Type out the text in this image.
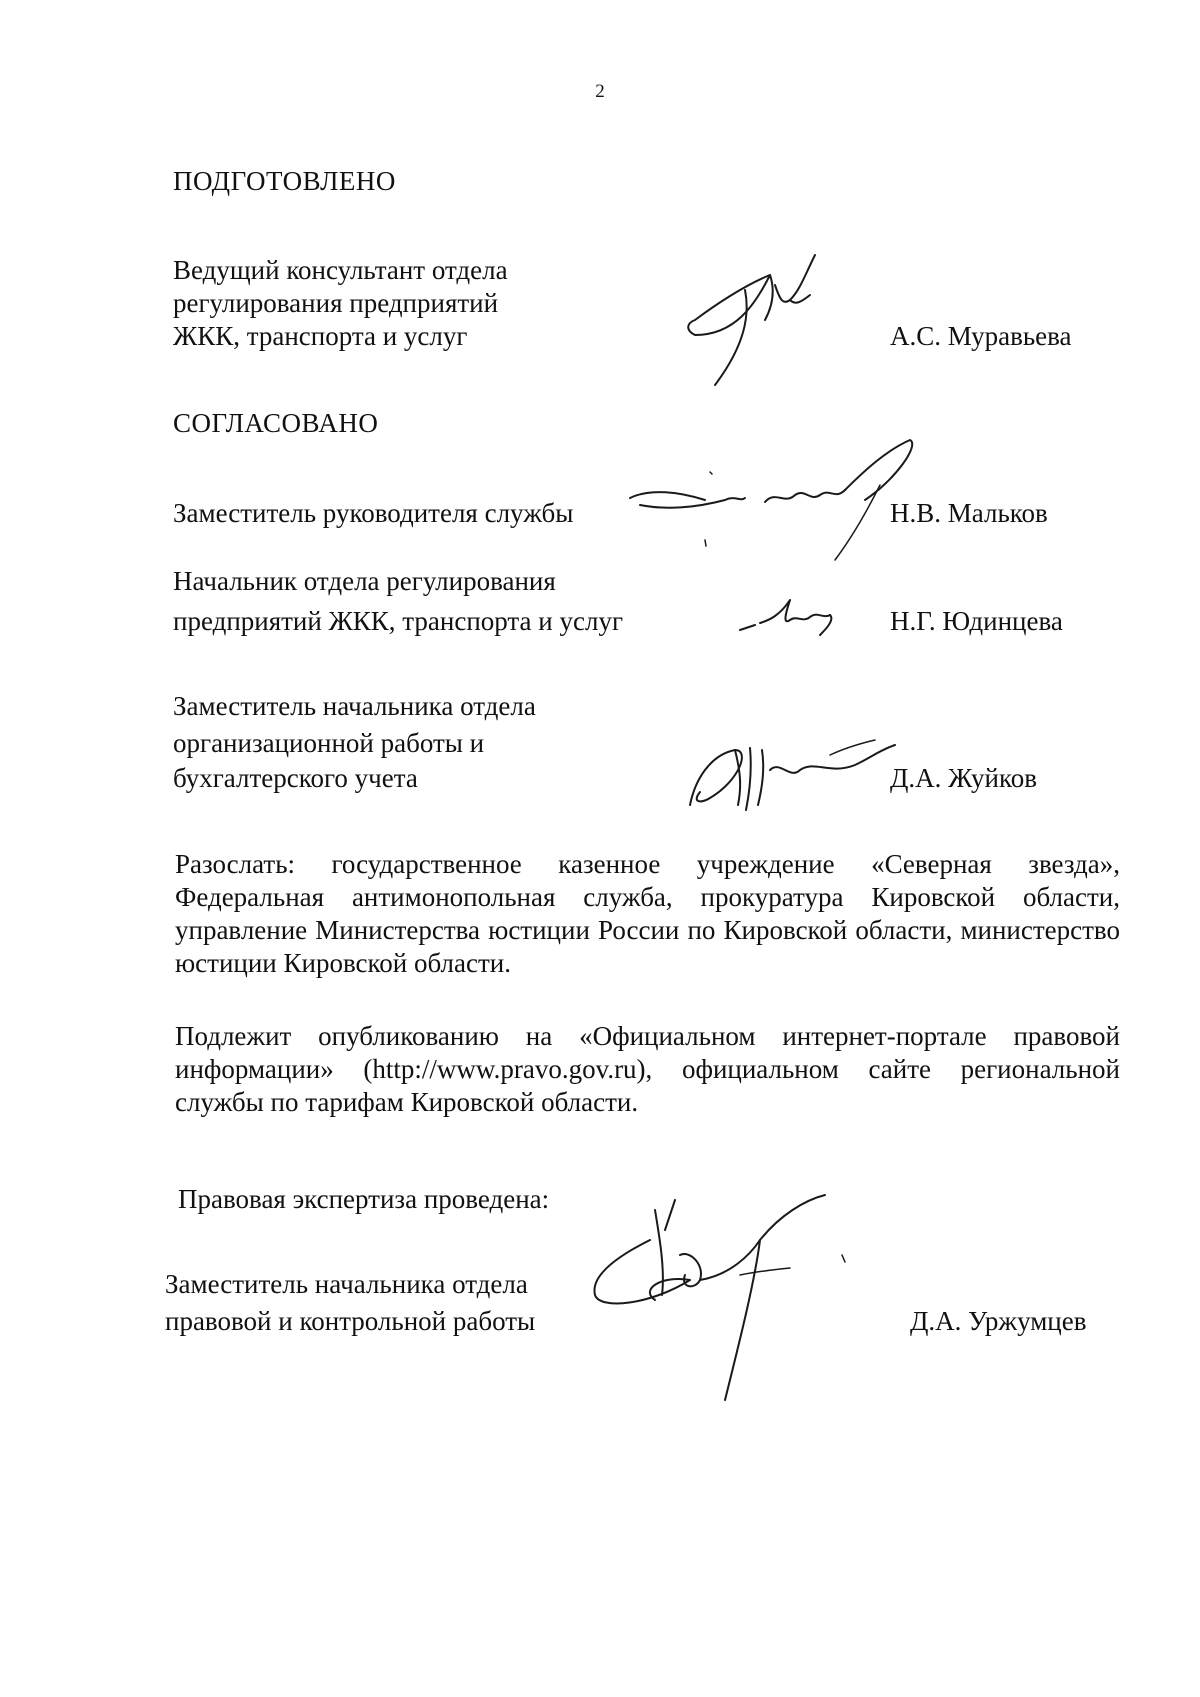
2
ПОДГОТОВЛЕНО
Ведущий консультант отдела
регулирования предприятий
ЖКК, транспорта и услуг	А.С. Муравьева
СОГЛАСОВАНО
Заместитель руководителя службы	Н.В. Мальков
Начальник отдела регулирования
предприятий ЖКК, транспорта и услуг	Н.Г. Юдинцева
Заместитель начальника отдела
организационной работы и
бухгалтерского учета	Д.А. Жуйков
Разослать: государственное казенное учреждение «Северная звезда», Федеральная антимонопольная служба, прокуратура Кировской области, управление Министерства юстиции России по Кировской области, министерство юстиции Кировской области.
Подлежит опубликованию на «Официальном интернет-портале правовой информации» (http://www.pravo.gov.ru), официальном сайте региональной службы по тарифам Кировской области.
Правовая экспертиза проведена:
Заместитель начальника отдела
правовой и контрольной работы	Д.А. Уржумцев
